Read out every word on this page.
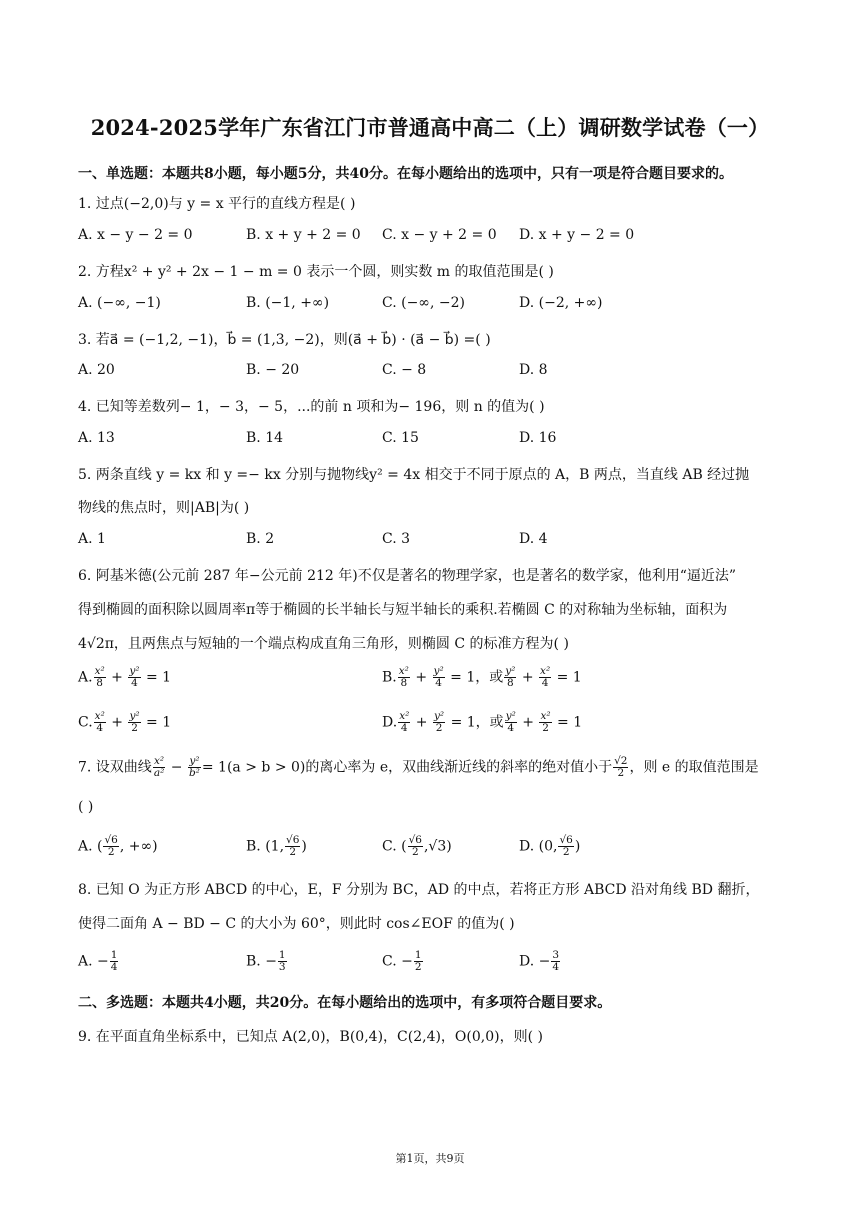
2024-2025学年广东省江门市普通高中高二（上）调研数学试卷（一）
一、单选题：本题共8小题，每小题5分，共40分。在每小题给出的选项中，只有一项是符合题目要求的。
1. 过点(−2,0)与 y = x 平行的直线方程是( )
A. x − y − 2 = 0	B. x + y + 2 = 0 C. x − y + 2 = 0 D. x + y − 2 = 0
2. 方程x² + y² + 2x − 1 − m = 0 表示一个圆，则实数 m 的取值范围是( )
A. (−∞, −1)	B. (−1, +∞)	C. (−∞, −2)	D. (−2, +∞)
3. 若a⃗ = (−1,2, −1)，b⃗ = (1,3, −2)，则(a⃗ + b⃗) · (a⃗ − b⃗) =( )
A. 20	B. − 20	C. − 8	D. 8
4. 已知等差数列− 1，− 3，− 5，...的前 n 项和为− 196，则 n 的值为( )
A. 13	B. 14	C. 15	D. 16
5. 两条直线 y = kx 和 y =− kx 分别与抛物线y² = 4x 相交于不同于原点的 A，B 两点，当直线 AB 经过抛
物线的焦点时，则|AB|为( )
A. 1	B. 2	C. 3	D. 4
6. 阿基米德(公元前 287 年−公元前 212 年)不仅是著名的物理学家，也是著名的数学家，他利用“逼近法”
得到椭圆的面积除以圆周率π等于椭圆的长半轴长与短半轴长的乘积.若椭圆 C 的对称轴为坐标轴，面积为
4√2π，且两焦点与短轴的一个端点构成直角三角形，则椭圆 C 的标准方程为( )
A. $\frac{\text{x²}}{8} + \frac{\text{y²}}{4} = 1$	B. $\frac{\text{x²}}{8} + \frac{\text{y²}}{4} = 1$，或 $\frac{\text{y²}}{8} + \frac{\text{x²}}{4} = 1$
C. $\frac{\text{x²}}{4} + \frac{\text{y²}}{2} = 1$	D. $\frac{\text{x²}}{4} + \frac{\text{y²}}{2} = 1$，或 $\frac{\text{y²}}{4} + \frac{\text{x²}}{2} = 1$
7. 设双曲线 $\frac{\text{x²}}{\text{a²}} - \frac{\text{y²}}{\text{b²}} = 1(a > b > 0)$的离心率为 e，双曲线渐近线的斜率的绝对值小于 $\frac{√2}{2}$ ，则 e 的取值范围是
( )
A. ( $\frac{√6}{2}$ , +∞)	B. (1, $\frac{√6}{2}$ )	C. ( $\frac{√6}{2} ,√3$)	D. (0, $\frac{√6}{2}$ )
8. 已知 O 为正方形 ABCD 的中心，E，F 分别为 BC，AD 的中点，若将正方形 ABCD 沿对角线 BD 翻折，
使得二面角 A − BD − C 的大小为 60°，则此时 cos∠EOF 的值为( )
A. − $\frac{1}{4}$	B. − $\frac{1}{3}$	C. − $\frac{1}{2}$	D. − $\frac{3}{4}$
二、多选题：本题共4小题，共20分。在每小题给出的选项中，有多项符合题目要求。
9. 在平面直角坐标系中，已知点 A(2,0)，B(0,4)，C(2,4)，O(0,0)，则( )
第1页，共9页
